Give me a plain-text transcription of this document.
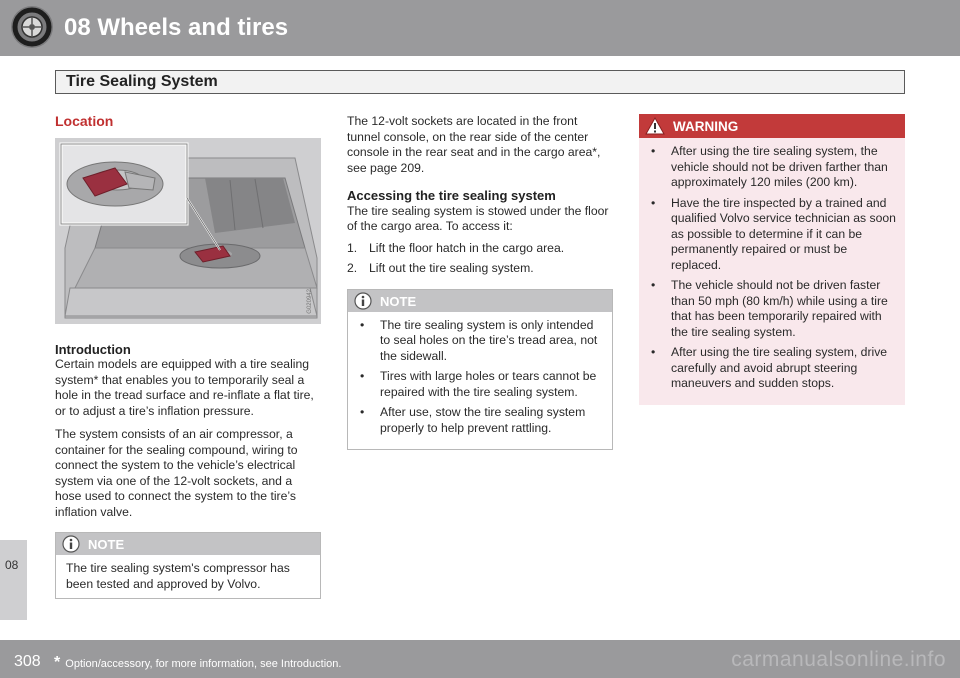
08 Wheels and tires
Tire Sealing System
Location
G020942
Introduction

Certain models are equipped with a tire sealing system* that enables you to temporarily seal a hole in the tread surface and re-inflate a flat tire, or to adjust a tire’s inflation pressure.

The system consists of an air compressor, a container for the sealing compound, wiring to connect the system to the vehicle’s electrical system via one of the 12-volt sockets, and a hose used to connect the system to the tire’s inflation valve.

NOTE

The tire sealing system's compressor has been tested and approved by Volvo.

The 12-volt sockets are located in the front tunnel console, on the rear side of the center console in the rear seat and in the cargo area*, see page 209.

Accessing the tire sealing system

The tire sealing system is stowed under the floor of the cargo area. To access it:

1. Lift the floor hatch in the cargo area.
2. Lift out the tire sealing system.
NOTE
• The tire sealing system is only intended to seal holes on the tire’s tread area, not the sidewall.
• Tires with large holes or tears cannot be repaired with the tire sealing system.
• After use, stow the tire sealing system properly to help prevent rattling.
WARNING
• After using the tire sealing system, the vehicle should not be driven farther than approximately 120 miles (200 km).
• Have the tire inspected by a trained and qualified Volvo service technician as soon as possible to determine if it can be permanently repaired or must be replaced.
• The vehicle should not be driven faster than 50 mph (80 km/h) while using a tire that has been temporarily repaired with the tire sealing system.
• After using the tire sealing system, drive carefully and avoid abrupt steering maneuvers and sudden stops.
08
308 * Option/accessory, for more information, see Introduction.	carmanualsonline.info
